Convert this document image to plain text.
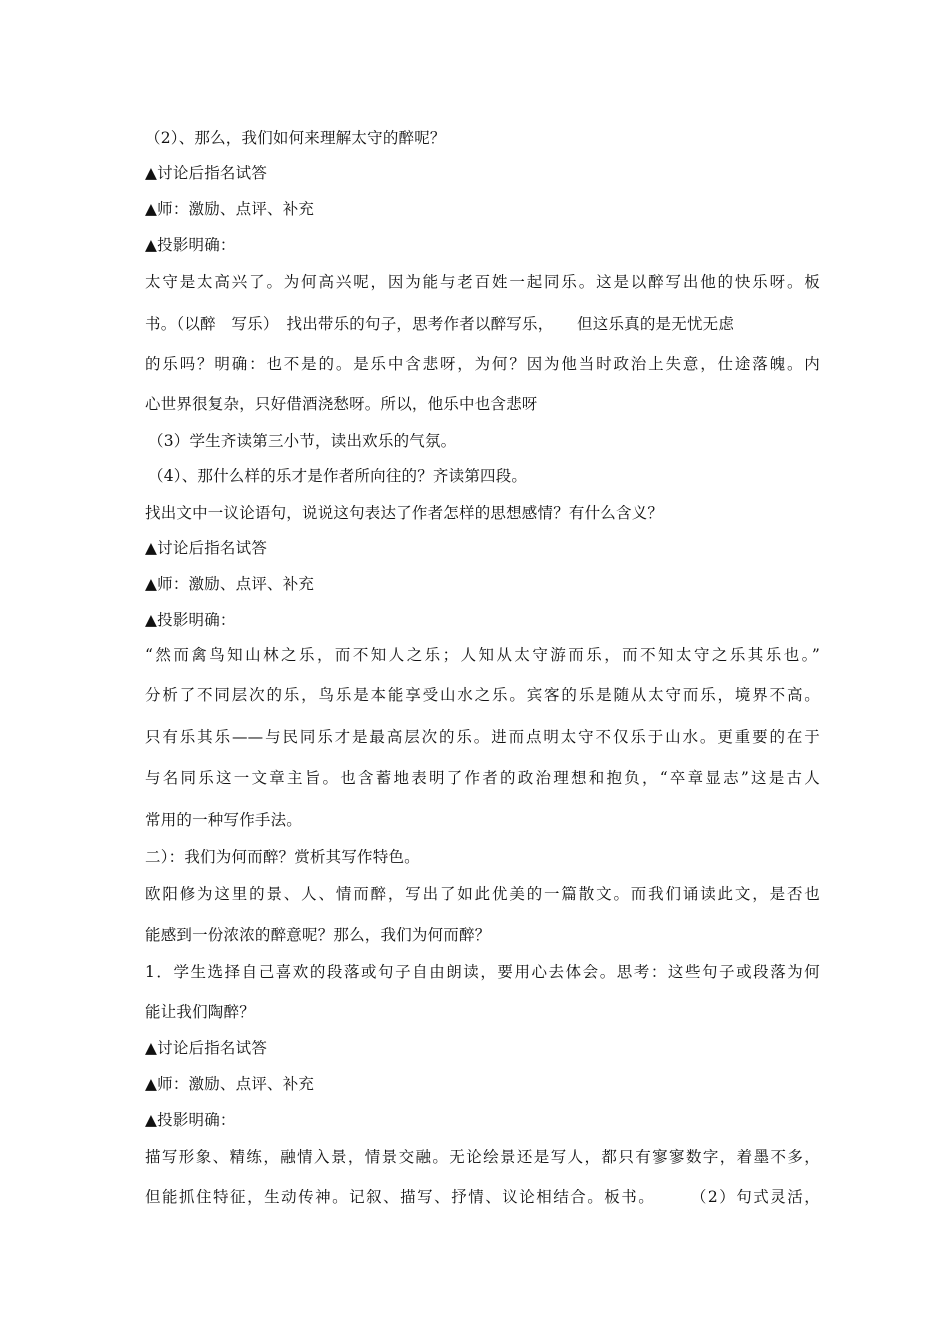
（2）、那么，我们如何来理解太守的醉呢？
▲讨论后指名试答
▲师：激励、点评、补充
▲投影明确：
太守是太高兴了。为何高兴呢，因为能与老百姓一起同乐。这是以醉写出他的快乐呀。板
书。（以醉　写乐）　找出带乐的句子，思考作者以醉写乐，　　但这乐真的是无忧无虑
的乐吗？明确：也不是的。是乐中含悲呀，为何？因为他当时政治上失意，仕途落魄。内
心世界很复杂，只好借酒浇愁呀。所以，他乐中也含悲呀
（3）学生齐读第三小节，读出欢乐的气氛。
（4）、那什么样的乐才是作者所向往的？齐读第四段。
找出文中一议论语句，说说这句表达了作者怎样的思想感情？有什么含义？
▲讨论后指名试答
▲师：激励、点评、补充
▲投影明确：
“然而禽鸟知山林之乐，而不知人之乐；人知从太守游而乐，而不知太守之乐其乐也。”
分析了不同层次的乐，鸟乐是本能享受山水之乐。宾客的乐是随从太守而乐，境界不高。
只有乐其乐——与民同乐才是最高层次的乐。进而点明太守不仅乐于山水。更重要的在于
与名同乐这一文章主旨。也含蓄地表明了作者的政治理想和抱负，“卒章显志”这是古人
常用的一种写作手法。
二）：我们为何而醉？赏析其写作特色。
欧阳修为这里的景、人、情而醉，写出了如此优美的一篇散文。而我们诵读此文，是否也
能感到一份浓浓的醉意呢？那么，我们为何而醉？
1．学生选择自己喜欢的段落或句子自由朗读，要用心去体会。思考：这些句子或段落为何
能让我们陶醉？
▲讨论后指名试答
▲师：激励、点评、补充
▲投影明确：
描写形象、精练，融情入景，情景交融。无论绘景还是写人，都只有寥寥数字，着墨不多，
但能抓住特征，生动传神。记叙、描写、抒情、议论相结合。板书。　　　（2）句式灵活，
